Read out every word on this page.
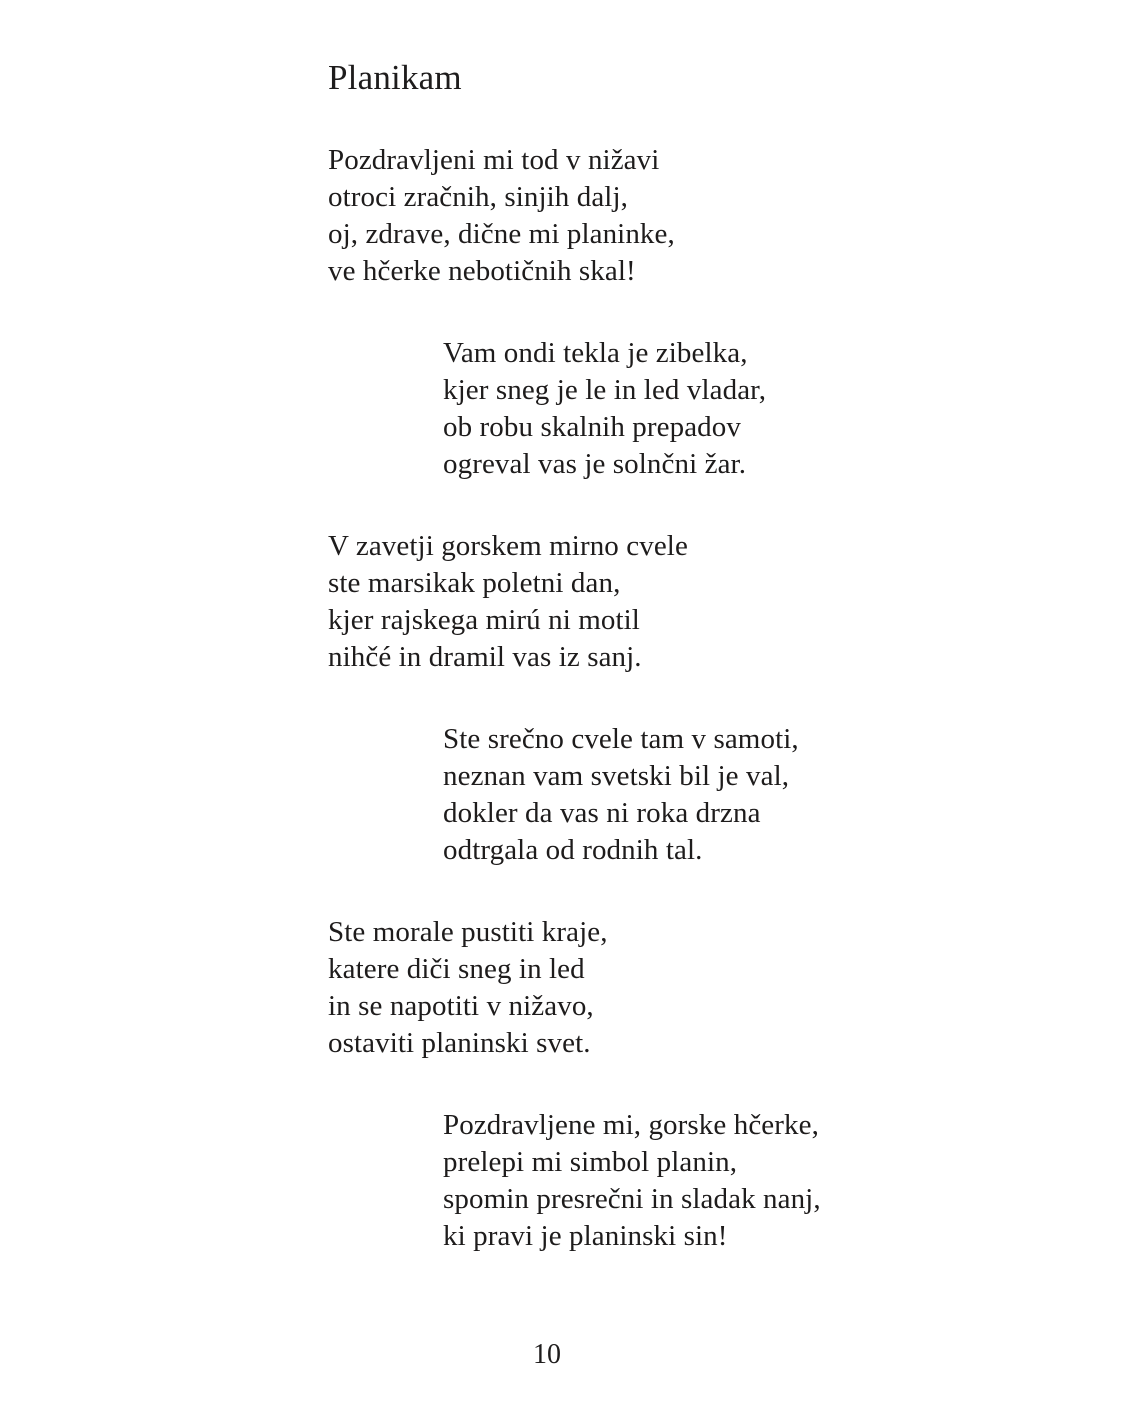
Planikam
Pozdravljeni mi tod v nižavi
otroci zračnih, sinjih dalj,
oj, zdrave, dične mi planinke,
ve hčerke nebotičnih skal!
Vam ondi tekla je zibelka,
kjer sneg je le in led vladar,
ob robu skalnih prepadov
ogreval vas je solnčni žar.
V zavetji gorskem mirno cvele
ste marsikak poletni dan,
kjer rajskega mirú ni motil
nihčé in dramil vas iz sanj.
Ste srečno cvele tam v samoti,
neznan vam svetski bil je val,
dokler da vas ni roka drzna
odtrgala od rodnih tal.
Ste morale pustiti kraje,
katere diči sneg in led
in se napotiti v nižavo,
ostaviti planinski svet.
Pozdravljene mi, gorske hčerke,
prelepi mi simbol planin,
spomin presrečni in sladak nanj,
ki pravi je planinski sin!
10
